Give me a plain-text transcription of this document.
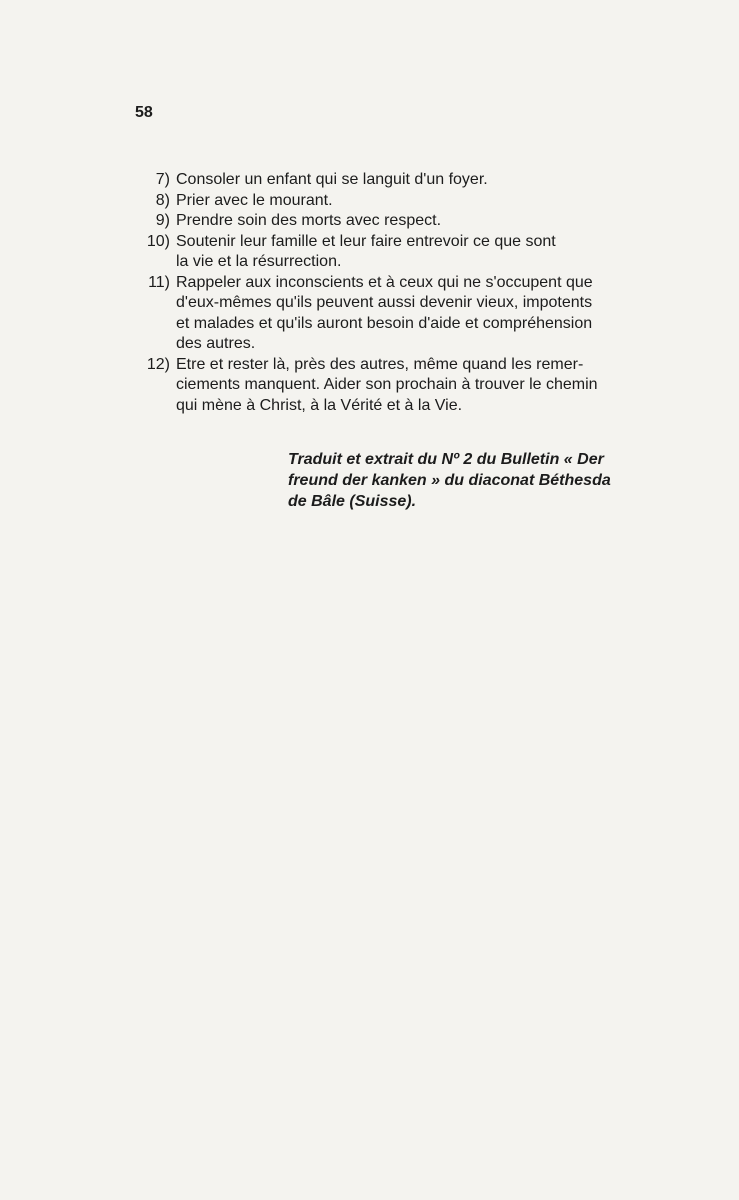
58
7) Consoler un enfant qui se languit d'un foyer.
8) Prier avec le mourant.
9) Prendre soin des morts avec respect.
10) Soutenir leur famille et leur faire entrevoir ce que sont
la vie et la résurrection.
11) Rappeler aux inconscients et à ceux qui ne s'occupent que
d'eux-mêmes qu'ils peuvent aussi devenir vieux, impotents
et malades et qu'ils auront besoin d'aide et compréhension
des autres.
12) Etre et rester là, près des autres, même quand les remer-
ciements manquent. Aider son prochain à trouver le chemin
qui mène à Christ, à la Vérité et à la Vie.
Traduit et extrait du Nº 2 du Bulletin « Der
freund der kanken » du diaconat Béthesda
de Bâle (Suisse).
